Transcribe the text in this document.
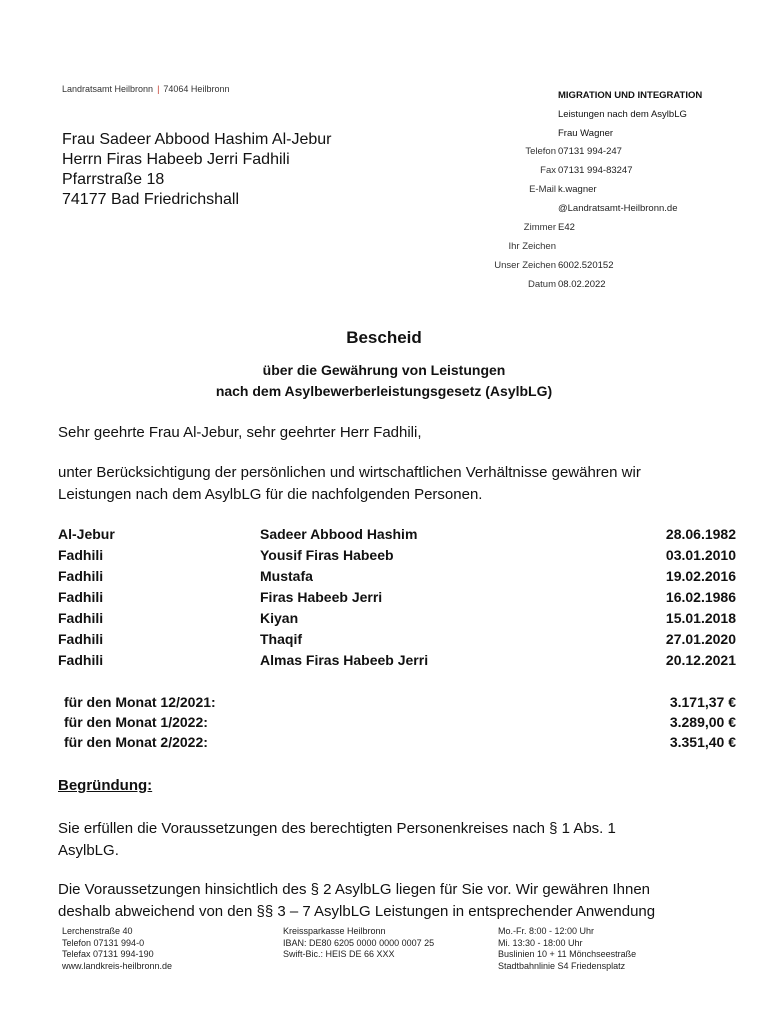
Landratsamt Heilbronn | 74064 Heilbronn
Frau Sadeer Abbood Hashim Al-Jebur
Herrn Firas Habeeb Jerri Fadhili
Pfarrstraße 18
74177 Bad Friedrichshall
MIGRATION UND INTEGRATION
Leistungen nach dem AsylbLG
Frau Wagner
Telefon 07131 994-247
Fax 07131 994-83247
E-Mail k.wagner
@Landratsamt-Heilbronn.de
Zimmer E42
Ihr Zeichen
Unser Zeichen 6002.520152
Datum 08.02.2022
Bescheid
über die Gewährung von Leistungen
nach dem Asylbewerberleistungsgesetz (AsylbLG)
Sehr geehrte Frau Al-Jebur, sehr geehrter Herr Fadhili,
unter Berücksichtigung der persönlichen und wirtschaftlichen Verhältnisse gewähren wir
Leistungen nach dem AsylbLG für die nachfolgenden Personen.
Al-Jebur	Sadeer Abbood Hashim	28.06.1982
Fadhili	Yousif Firas Habeeb	03.01.2010
Fadhili	Mustafa	19.02.2016
Fadhili	Firas Habeeb Jerri	16.02.1986
Fadhili	Kiyan	15.01.2018
Fadhili	Thaqif	27.01.2020
Fadhili	Almas Firas Habeeb Jerri	20.12.2021
für den Monat 12/2021:	3.171,37 €
für den Monat 1/2022:	3.289,00 €
für den Monat 2/2022:	3.351,40 €
Begründung:
Sie erfüllen die Voraussetzungen des berechtigten Personenkreises nach § 1 Abs. 1
AsylbLG.
Die Voraussetzungen hinsichtlich des § 2 AsylbLG liegen für Sie vor. Wir gewähren Ihnen
deshalb abweichend von den §§ 3 – 7 AsylbLG Leistungen in entsprechender Anwendung
Lerchenstraße 40
Telefon 07131 994-0
Telefax 07131 994-190
www.landkreis-heilbronn.de
Kreissparkasse Heilbronn
IBAN: DE80 6205 0000 0000 0007 25
Swift-Bic.: HEIS DE 66 XXX
Mo.-Fr. 8:00 - 12:00 Uhr
Mi. 13:30 - 18:00 Uhr
Buslinien 10 + 11 Mönchseestraße
Stadtbahnlinie S4 Friedensplatz
